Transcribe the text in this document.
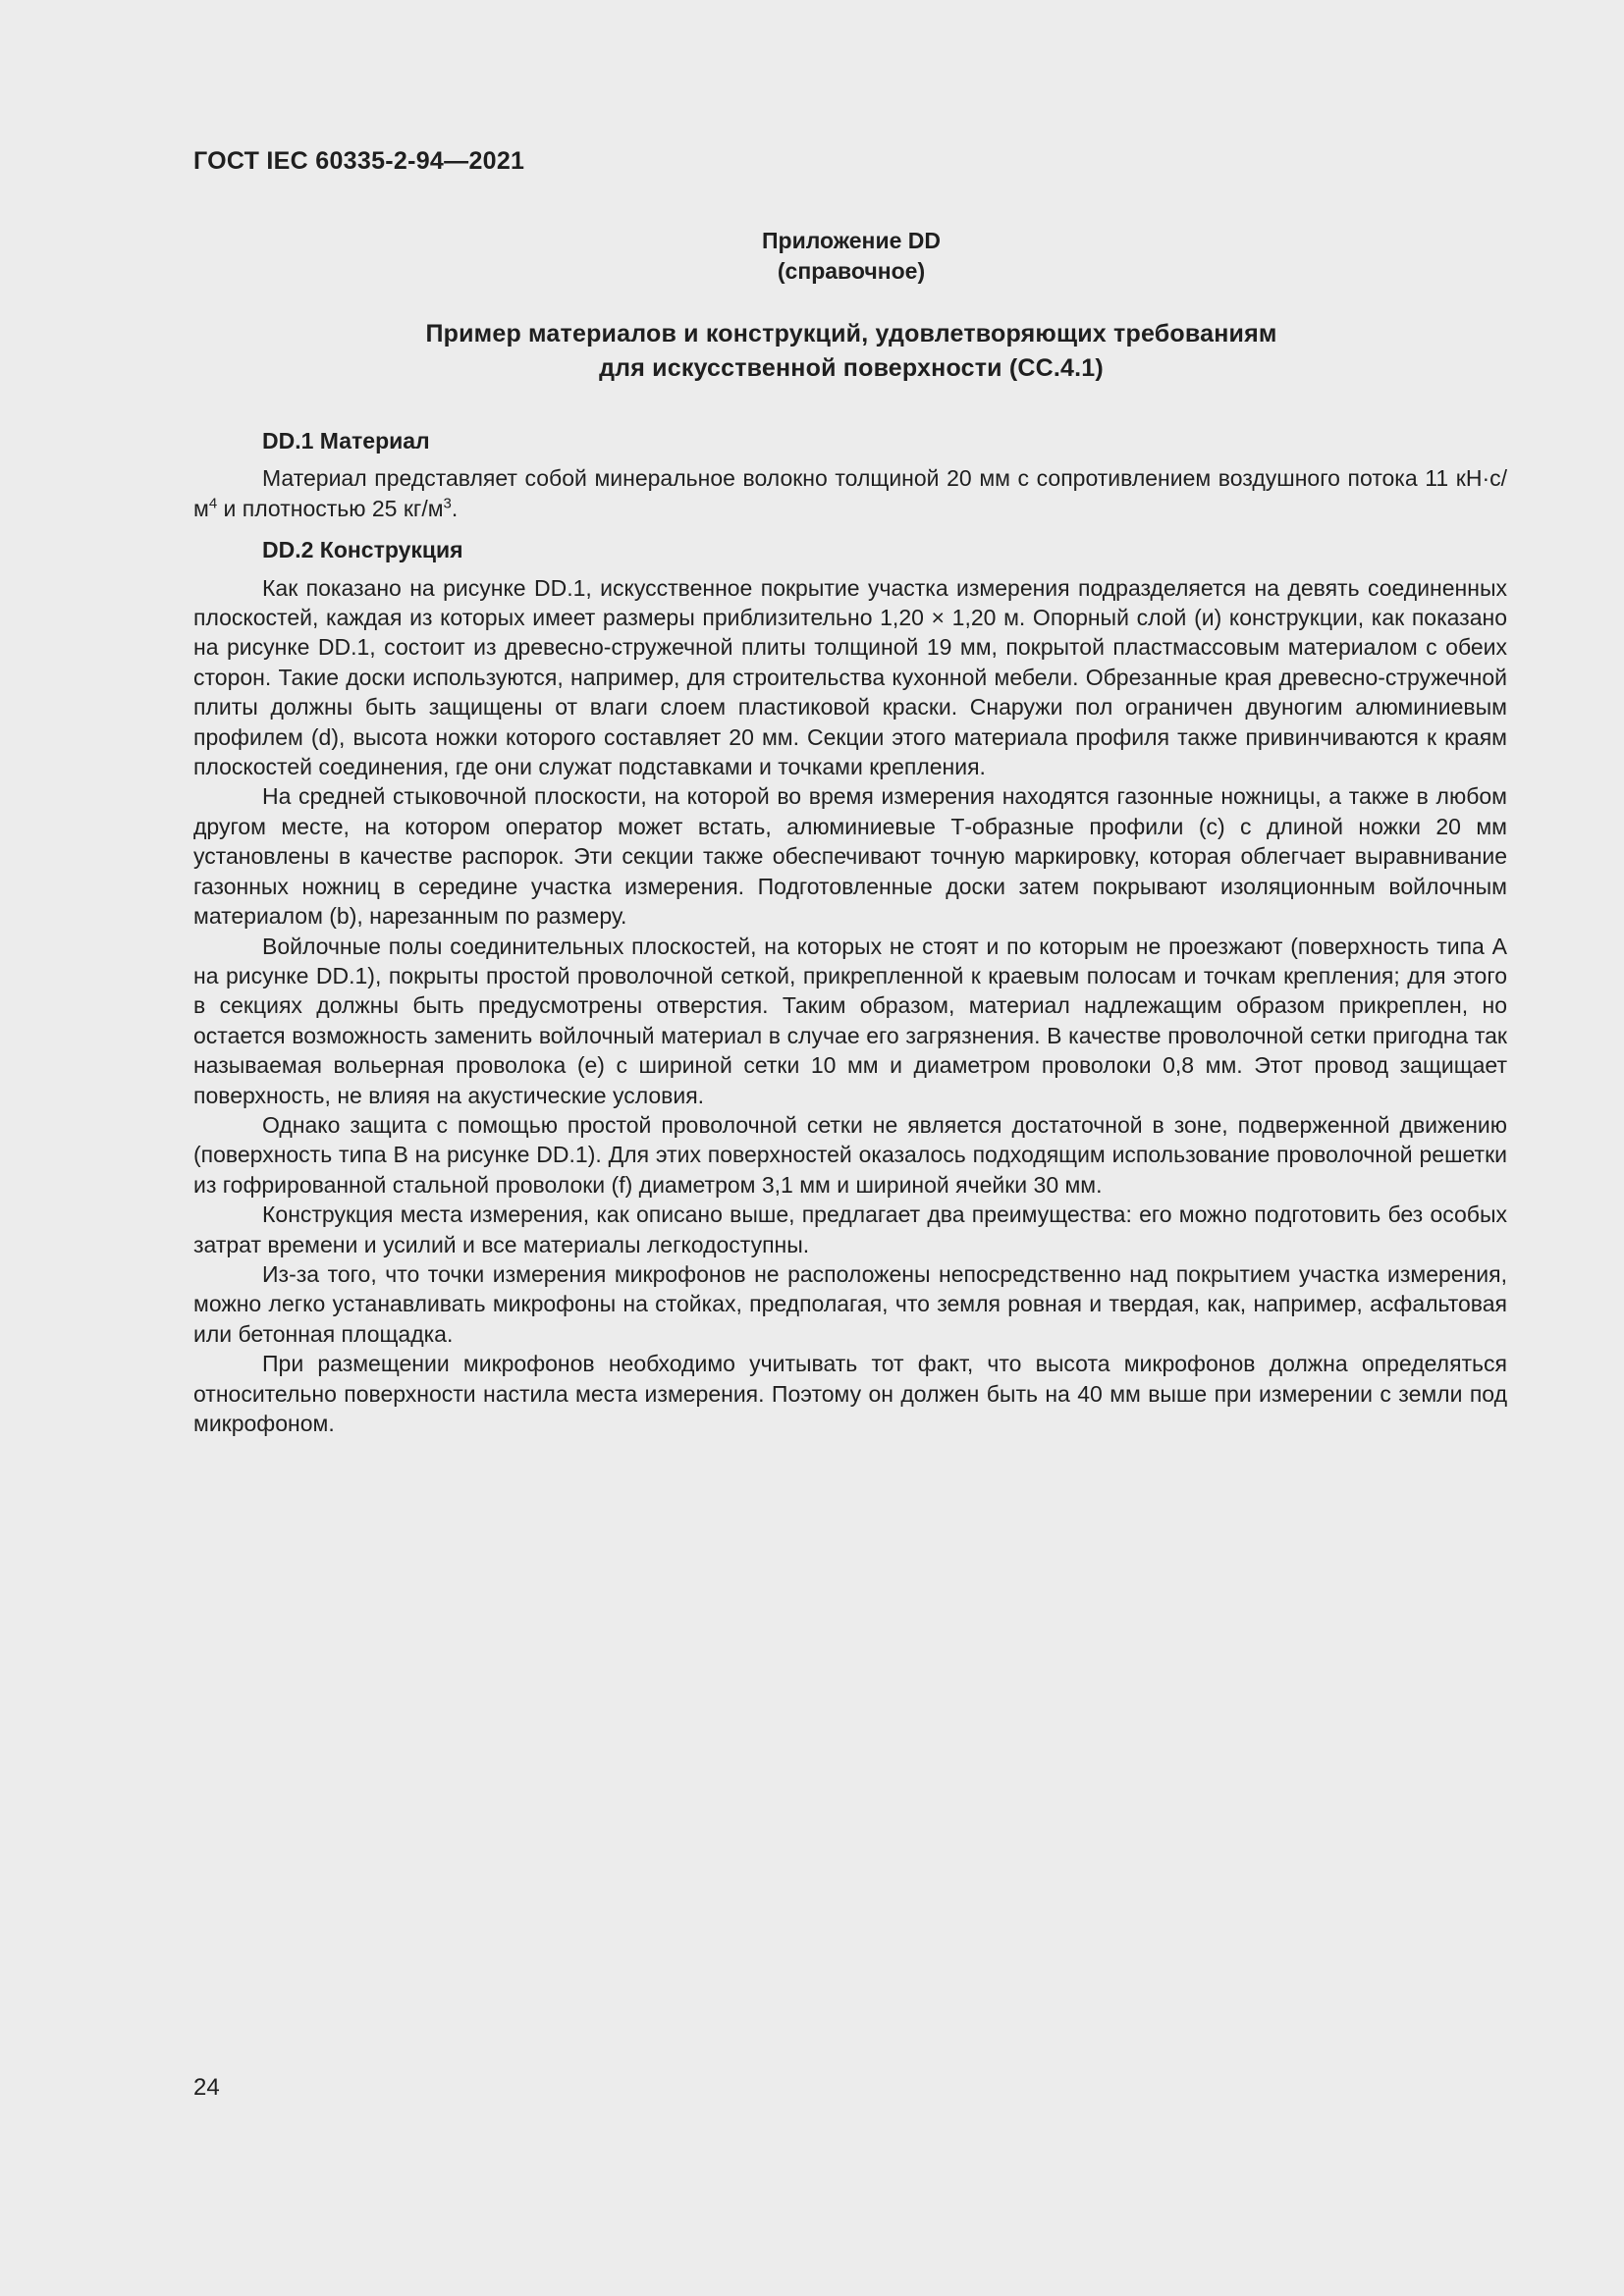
ГОСТ IEC 60335-2-94—2021
Приложение DD
(справочное)
Пример материалов и конструкций, удовлетворяющих требованиям
для искусственной поверхности (СС.4.1)

DD.1 Материал

Материал представляет собой минеральное волокно толщиной 20 мм с сопротивлением воздушного потока 11 $кН\cdot с/м^4$ и плотностью 25 $кг/м^3$.

DD.2 Конструкция

Как показано на рисунке DD.1, искусственное покрытие участка измерения подразделяется на девять соединенных плоскостей, каждая из которых имеет размеры приблизительно 1,20 × 1,20 м. Опорный слой (и) конструкции, как показано на рисунке DD.1, состоит из древесно-стружечной плиты толщиной 19 мм, покрытой пластмассовым материалом с обеих сторон. Такие доски используются, например, для строительства кухонной мебели. Обрезанные края древесно-стружечной плиты должны быть защищены от влаги слоем пластиковой краски. Снаружи пол ограничен двуногим алюминиевым профилем (d), высота ножки которого составляет 20 мм. Секции этого материала профиля также привинчиваются к краям плоскостей соединения, где они служат подставками и точками крепления.

На средней стыковочной плоскости, на которой во время измерения находятся газонные ножницы, а также в любом другом месте, на котором оператор может встать, алюминиевые Т-образные профили (с) с длиной ножки 20 мм установлены в качестве распорок. Эти секции также обеспечивают точную маркировку, которая облегчает выравнивание газонных ножниц в середине участка измерения. Подготовленные доски затем покрывают изоляционным войлочным материалом (b), нарезанным по размеру.

Войлочные полы соединительных плоскостей, на которых не стоят и по которым не проезжают (поверхность типа А на рисунке DD.1), покрыты простой проволочной сеткой, прикрепленной к краевым полосам и точкам крепления; для этого в секциях должны быть предусмотрены отверстия. Таким образом, материал надлежащим образом прикреплен, но остается возможность заменить войлочный материал в случае его загрязнения. В качестве проволочной сетки пригодна так называемая вольерная проволока (е) с шириной сетки 10 мм и диаметром проволоки 0,8 мм. Этот провод защищает поверхность, не влияя на акустические условия.

Однако защита с помощью простой проволочной сетки не является достаточной в зоне, подверженной движению (поверхность типа В на рисунке DD.1). Для этих поверхностей оказалось подходящим использование проволочной решетки из гофрированной стальной проволоки (f) диаметром 3,1 мм и шириной ячейки 30 мм.

Конструкция места измерения, как описано выше, предлагает два преимущества: его можно подготовить без особых затрат времени и усилий и все материалы легкодоступны.

Из-за того, что точки измерения микрофонов не расположены непосредственно над покрытием участка измерения, можно легко устанавливать микрофоны на стойках, предполагая, что земля ровная и твердая, как, например, асфальтовая или бетонная площадка.

При размещении микрофонов необходимо учитывать тот факт, что высота микрофонов должна определяться относительно поверхности настила места измерения. Поэтому он должен быть на 40 мм выше при измерении с земли под микрофоном.

24
